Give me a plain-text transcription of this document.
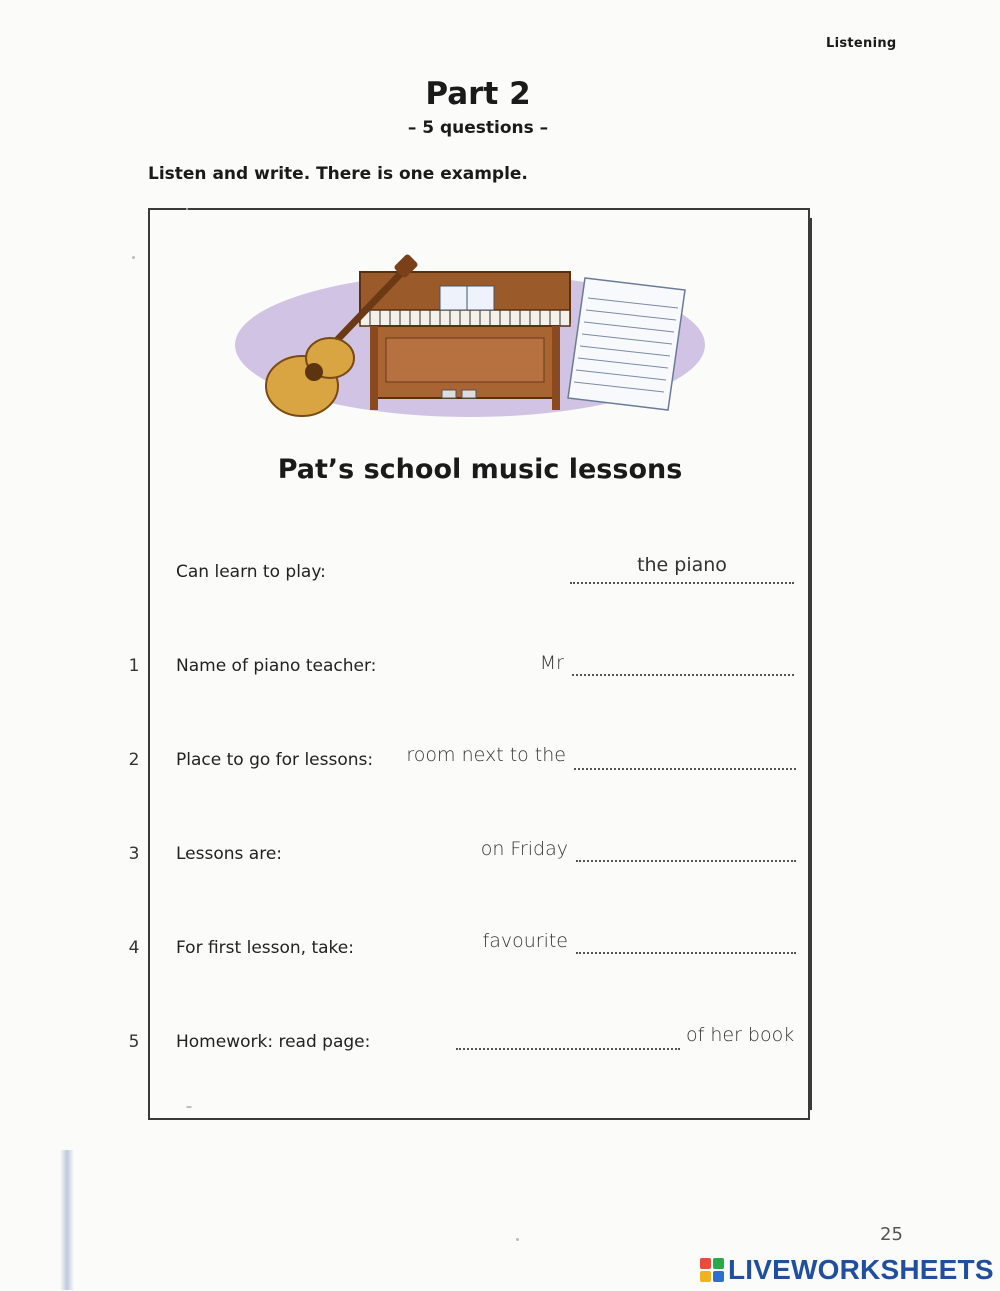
Listening
Part 2
– 5 questions –
Listen and write. There is one example.
Pat’s school music lessons
Can learn to play:	the piano
1 Name of piano teacher:	Mr
2 Place to go for lessons:	room next to the
3 Lessons are:	on Friday
4 For first lesson, take:	favourite
5 Homework: read page:	of her book
25
LIVEWORKSHEETS
